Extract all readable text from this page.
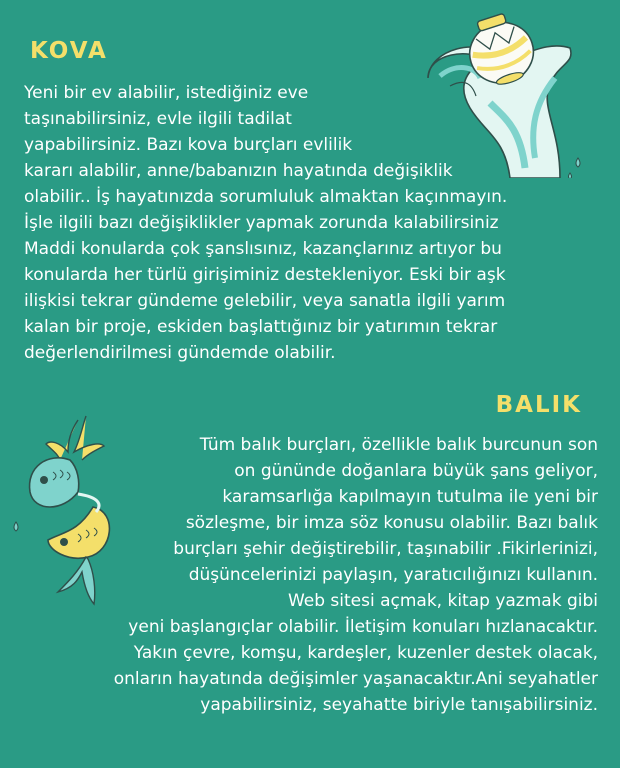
KOVA

Yeni bir ev alabilir, istediğiniz eve

taşınabilirsiniz, evle ilgili tadilat

yapabilirsiniz. Bazı kova burçları evlilik

kararı alabilir, anne/babanızın hayatında değişiklik

olabilir.. İş hayatınızda sorumluluk almaktan kaçınmayın.

İşle ilgili bazı değişiklikler yapmak zorunda kalabilirsiniz

Maddi konularda çok şanslısınız, kazançlarınız artıyor bu

konularda her türlü girişiminiz destekleniyor. Eski bir aşk

ilişkisi tekrar gündeme gelebilir, veya sanatla ilgili yarım

kalan bir proje, eskiden başlattığınız bir yatırımın tekrar

değerlendirilmesi gündemde olabilir.

BALIK

Tüm balık burçları, özellikle balık burcunun son

on gününde doğanlara büyük şans geliyor,

karamsarlığa kapılmayın tutulma ile yeni bir

sözleşme, bir imza söz konusu olabilir. Bazı balık

burçları şehir değiştirebilir, taşınabilir .Fikirlerinizi,

düşüncelerinizi paylaşın, yaratıcılığınızı kullanın.

Web sitesi açmak, kitap yazmak gibi

yeni başlangıçlar olabilir. İletişim konuları hızlanacaktır.

Yakın çevre, komşu, kardeşler, kuzenler destek olacak,

onların hayatında değişimler yaşanacaktır.Ani seyahatler

yapabilirsiniz, seyahatte biriyle tanışabilirsiniz.
